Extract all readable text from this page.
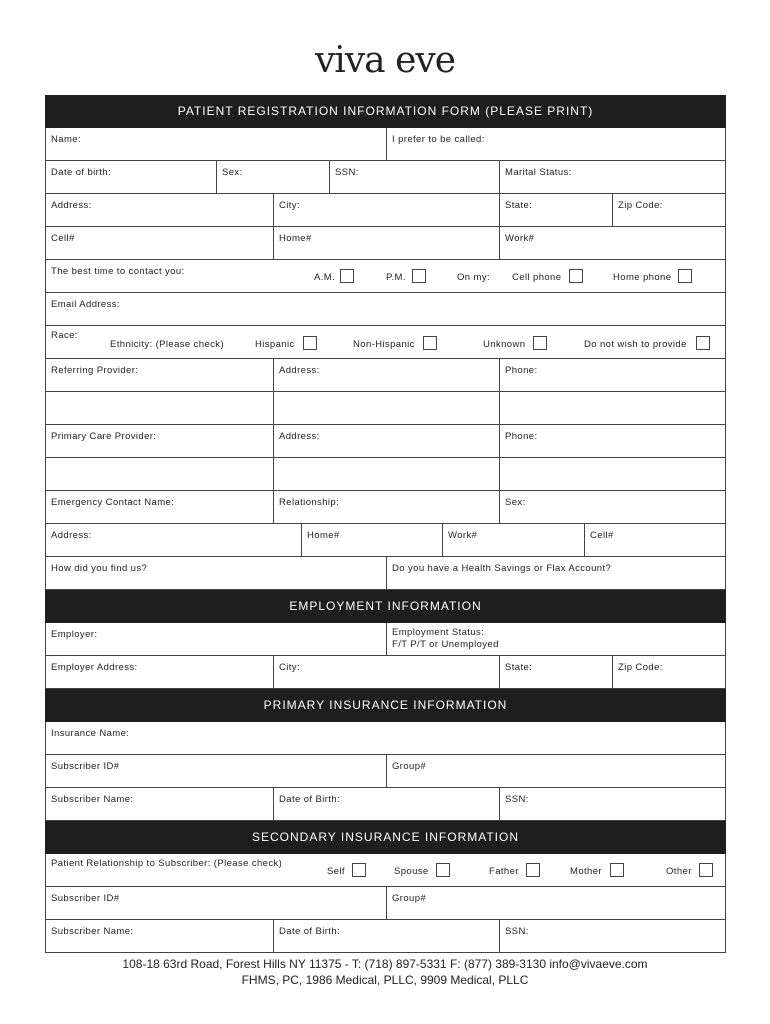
viva eve
PATIENT REGISTRATION INFORMATION FORM (PLEASE PRINT)
Name:	I prefer to be called:
Date of birth:	Sex:	SSN:	Marital Status:
Address:	City:	State:	Zip Code:
Cell#	Home#	Work#
The best time to contact you:
A.M.	P.M.	On my: Cell phone	Home phone
Email Address:
Race:
Ethnicity: (Please check)	Hispanic	Non-Hispanic	Unknown	Do not wish to provide
Referring Provider:	Address:	Phone:
Primary Care Provider:	Address:	Phone:
Emergency Contact Name:	Relationship:	Sex:
Address:	Home#	Work#	Cell#
How did you find us?	Do you have a Health Savings or Flax Account?
EMPLOYMENT INFORMATION
Employer:	Employment Status:
F/T P/T or Unemployed
Employer Address:	City:	State:	Zip Code:
PRIMARY INSURANCE INFORMATION
Insurance Name:
Subscriber ID#	Group#
Subscriber Name:	Date of Birth:	SSN:
SECONDARY INSURANCE INFORMATION
Patient Relationship to Subscriber: (Please check)
Self	Spouse	Father	Mother	Other
Subscriber ID#	Group#
Subscriber Name:	Date of Birth:	SSN:
108-18 63rd Road, Forest Hills NY 11375 - T: (718) 897-5331 F: (877) 389-3130 info@vivaeve.com
FHMS, PC, 1986 Medical, PLLC, 9909 Medical, PLLC
